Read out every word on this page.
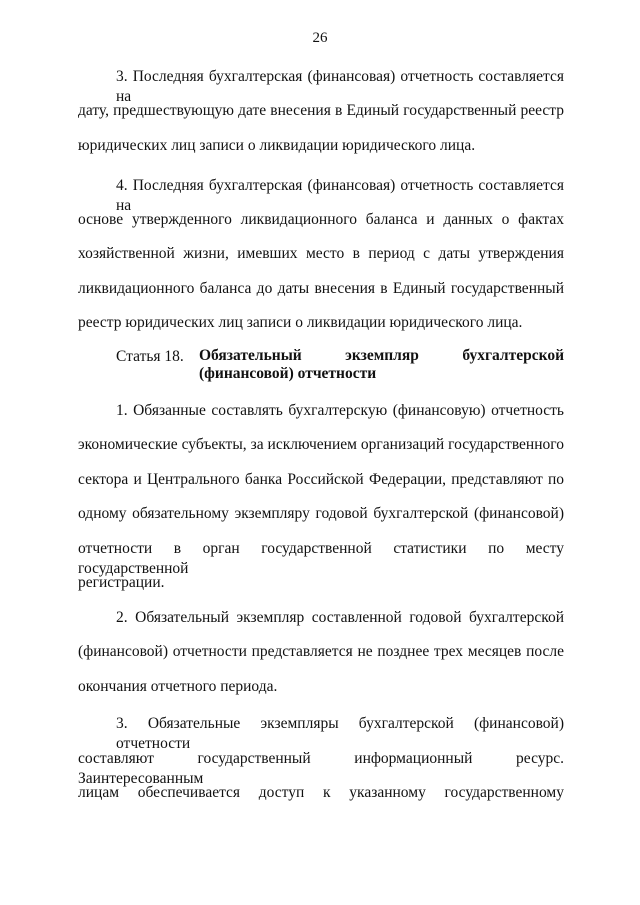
26
3. Последняя бухгалтерская (финансовая) отчетность составляется на
дату, предшествующую дате внесения в Единый государственный реестр
юридических лиц записи о ликвидации юридического лица.
4. Последняя бухгалтерская (финансовая) отчетность составляется на
основе утвержденного ликвидационного баланса и данных о фактах
хозяйственной жизни, имевших место в период с даты утверждения
ликвидационного баланса до даты внесения в Единый государственный
реестр юридических лиц записи о ликвидации юридического лица.
Статья 18. Обязательный экземпляр бухгалтерской
(финансовой) отчетности
1. Обязанные составлять бухгалтерскую (финансовую) отчетность
экономические субъекты, за исключением организаций государственного
сектора и Центрального банка Российской Федерации, представляют по
одному обязательному экземпляру годовой бухгалтерской (финансовой)
отчетности в орган государственной статистики по месту государственной
регистрации.
2. Обязательный экземпляр составленной годовой бухгалтерской
(финансовой) отчетности представляется не позднее трех месяцев после
окончания отчетного периода.
3. Обязательные экземпляры бухгалтерской (финансовой) отчетности
составляют государственный информационный ресурс. Заинтересованным
лицам обеспечивается доступ к указанному государственному
